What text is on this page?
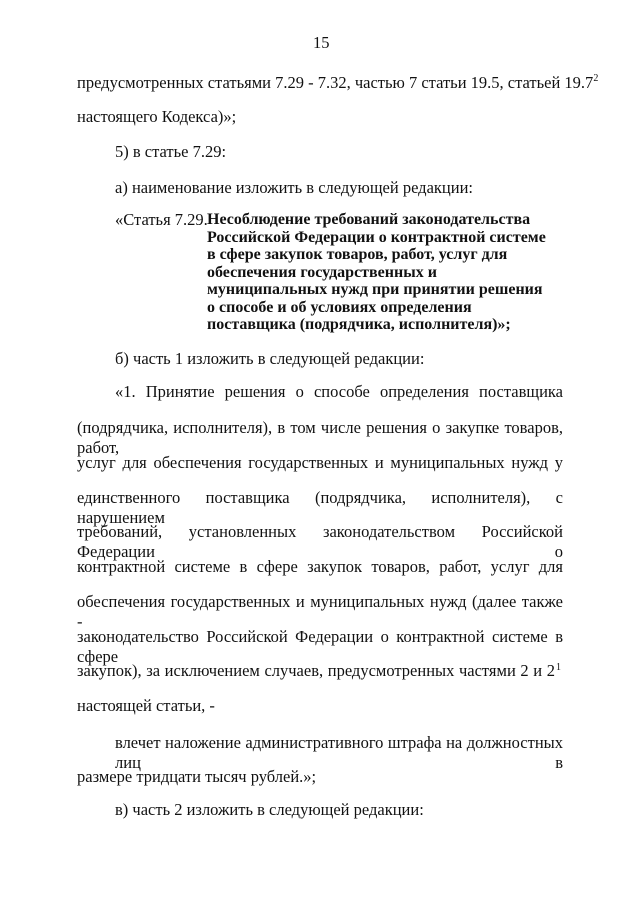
15
предусмотренных статьями 7.29 - 7.32, частью 7 статьи 19.5, статьей 19.7$^2$
настоящего Кодекса)»;
5) в статье 7.29:
а) наименование изложить в следующей редакции:
«Статья 7.29. Несоблюдение требований законодательства Российской Федерации о контрактной системе в сфере закупок товаров, работ, услуг для обеспечения государственных и муниципальных нужд при принятии решения о способе и об условиях определения поставщика (подрядчика, исполнителя)»;
б) часть 1 изложить в следующей редакции:
«1. Принятие решения о способе определения поставщика
(подрядчика, исполнителя), в том числе решения о закупке товаров, работ,
услуг для обеспечения государственных и муниципальных нужд у
единственного поставщика (подрядчика, исполнителя), с нарушением
требований, установленных законодательством Российской Федерации о
контрактной системе в сфере закупок товаров, работ, услуг для
обеспечения государственных и муниципальных нужд (далее также -
законодательство Российской Федерации о контрактной системе в сфере
закупок), за исключением случаев, предусмотренных частями 2 и 2 1
настоящей статьи, -
влечет наложение административного штрафа на должностных лиц в
размере тридцати тысяч рублей.»;
в) часть 2 изложить в следующей редакции:
